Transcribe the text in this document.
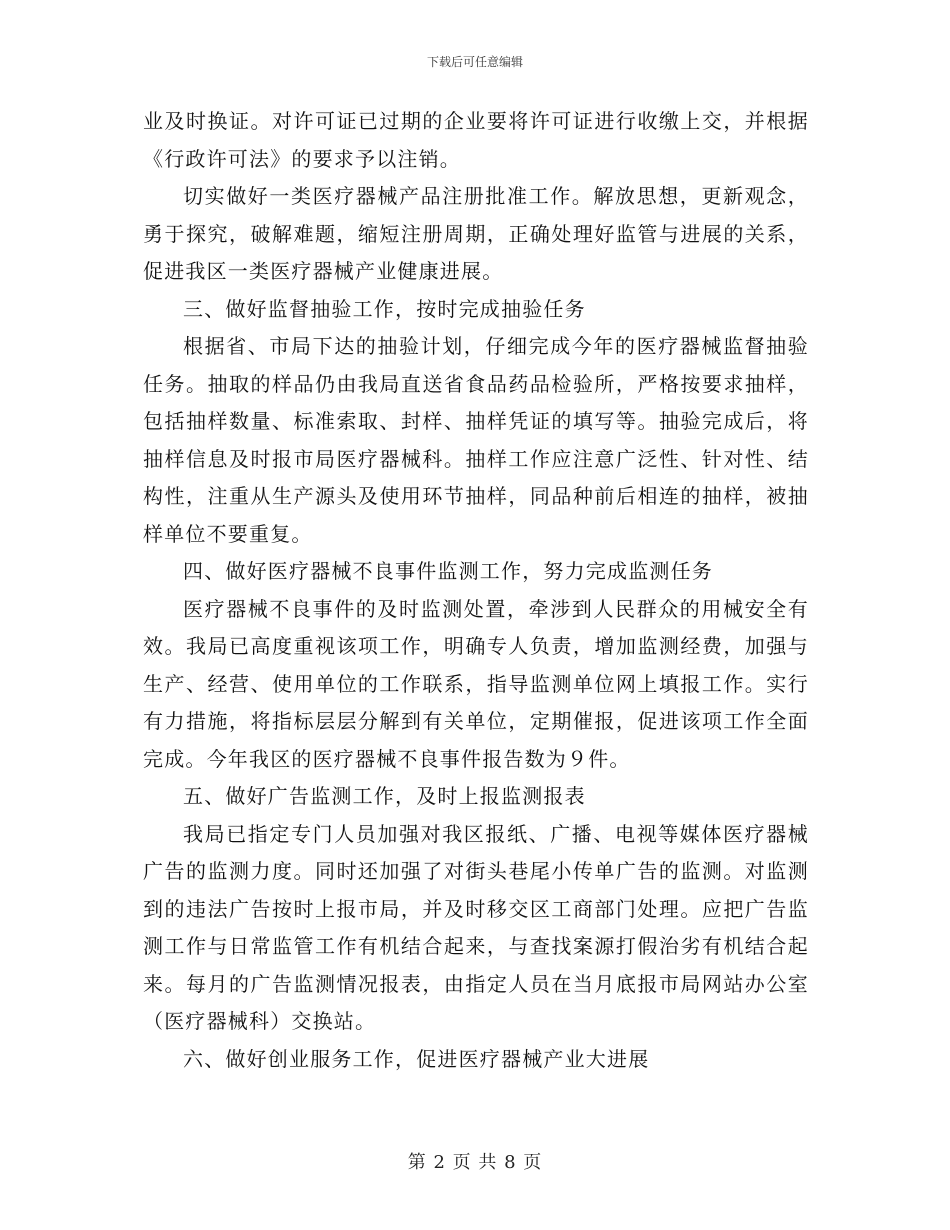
下载后可任意编辑

业及时换证。对许可证已过期的企业要将许可证进行收缴上交，并根据《行政许可法》的要求予以注销。

切实做好一类医疗器械产品注册批准工作。解放思想，更新观念，勇于探究，破解难题，缩短注册周期，正确处理好监管与进展的关系，促进我区一类医疗器械产业健康进展。

三、做好监督抽验工作，按时完成抽验任务

根据省、市局下达的抽验计划，仔细完成今年的医疗器械监督抽验任务。抽取的样品仍由我局直送省食品药品检验所，严格按要求抽样，包括抽样数量、标准索取、封样、抽样凭证的填写等。抽验完成后，将抽样信息及时报市局医疗器械科。抽样工作应注意广泛性、针对性、结构性，注重从生产源头及使用环节抽样，同品种前后相连的抽样，被抽样单位不要重复。

四、做好医疗器械不良事件监测工作，努力完成监测任务

医疗器械不良事件的及时监测处置，牵涉到人民群众的用械安全有效。我局已高度重视该项工作，明确专人负责，增加监测经费，加强与生产、经营、使用单位的工作联系，指导监测单位网上填报工作。实行有力措施，将指标层层分解到有关单位，定期催报，促进该项工作全面完成。今年我区的医疗器械不良事件报告数为９件。

五、做好广告监测工作，及时上报监测报表

我局已指定专门人员加强对我区报纸、广播、电视等媒体医疗器械广告的监测力度。同时还加强了对街头巷尾小传单广告的监测。对监测到的违法广告按时上报市局，并及时移交区工商部门处理。应把广告监测工作与日常监管工作有机结合起来，与查找案源打假治劣有机结合起来。每月的广告监测情况报表，由指定人员在当月底报市局网站办公室（医疗器械科）交换站。

六、做好创业服务工作，促进医疗器械产业大进展

第 2 页 共 8 页
